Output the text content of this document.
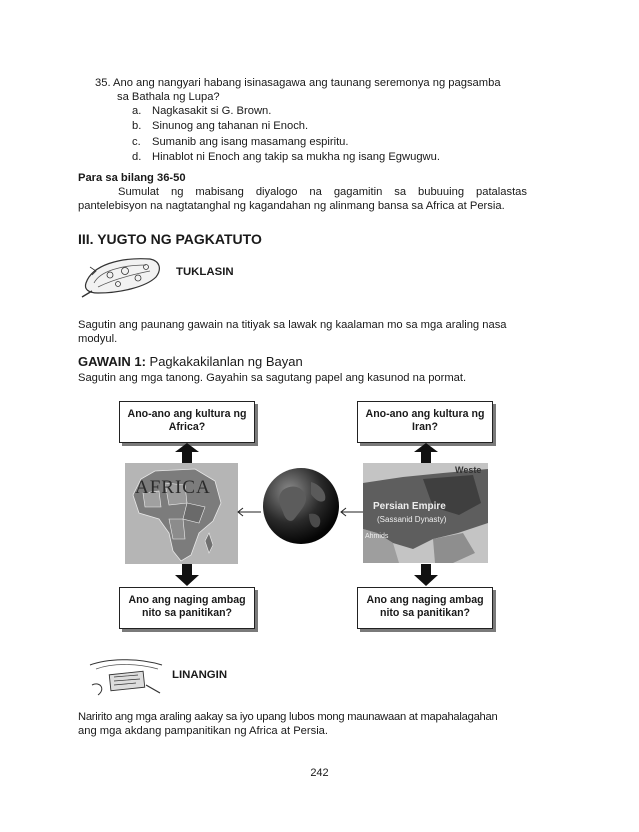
35. Ano ang nangyari habang isinasagawa ang taunang seremonya ng pagsamba
sa Bathala ng Lupa?
a. Nagkasakit si G. Brown.
b. Sinunog ang tahanan ni Enoch.
c. Sumanib ang isang masamang espiritu.
d. Hinablot ni Enoch ang takip sa mukha ng isang Egwugwu.
Para sa bilang 36-50
Sumulat ng mabisang diyalogo na gagamitin sa bubuuing patalastas
pantelebisyon na nagtatanghal ng kagandahan ng alinmang bansa sa Africa at Persia.
III. YUGTO NG PAGKATUTO
TUKLASIN
Sagutin ang paunang gawain na titiyak sa lawak ng kaalaman mo sa mga araling nasa
modyul.
GAWAIN 1: Pagkakakilanlan ng Bayan
Sagutin ang mga tanong. Gayahin sa sagutang papel ang kasunod na pormat.
Ano-ano ang kultura ng
Africa?
Ano-ano ang kultura ng
Iran?
Ano ang naging ambag
nito sa panitikan?
Ano ang naging ambag
nito sa panitikan?
AFRICA
Persian Empire
(Sassanid Dynasty)
Weste
Ahmids
LINANGIN
Naririto ang mga araling aakay sa iyo upang lubos mong maunawaan at mapahalagahan
ang mga akdang pampanitikan ng Africa at Persia.
242
